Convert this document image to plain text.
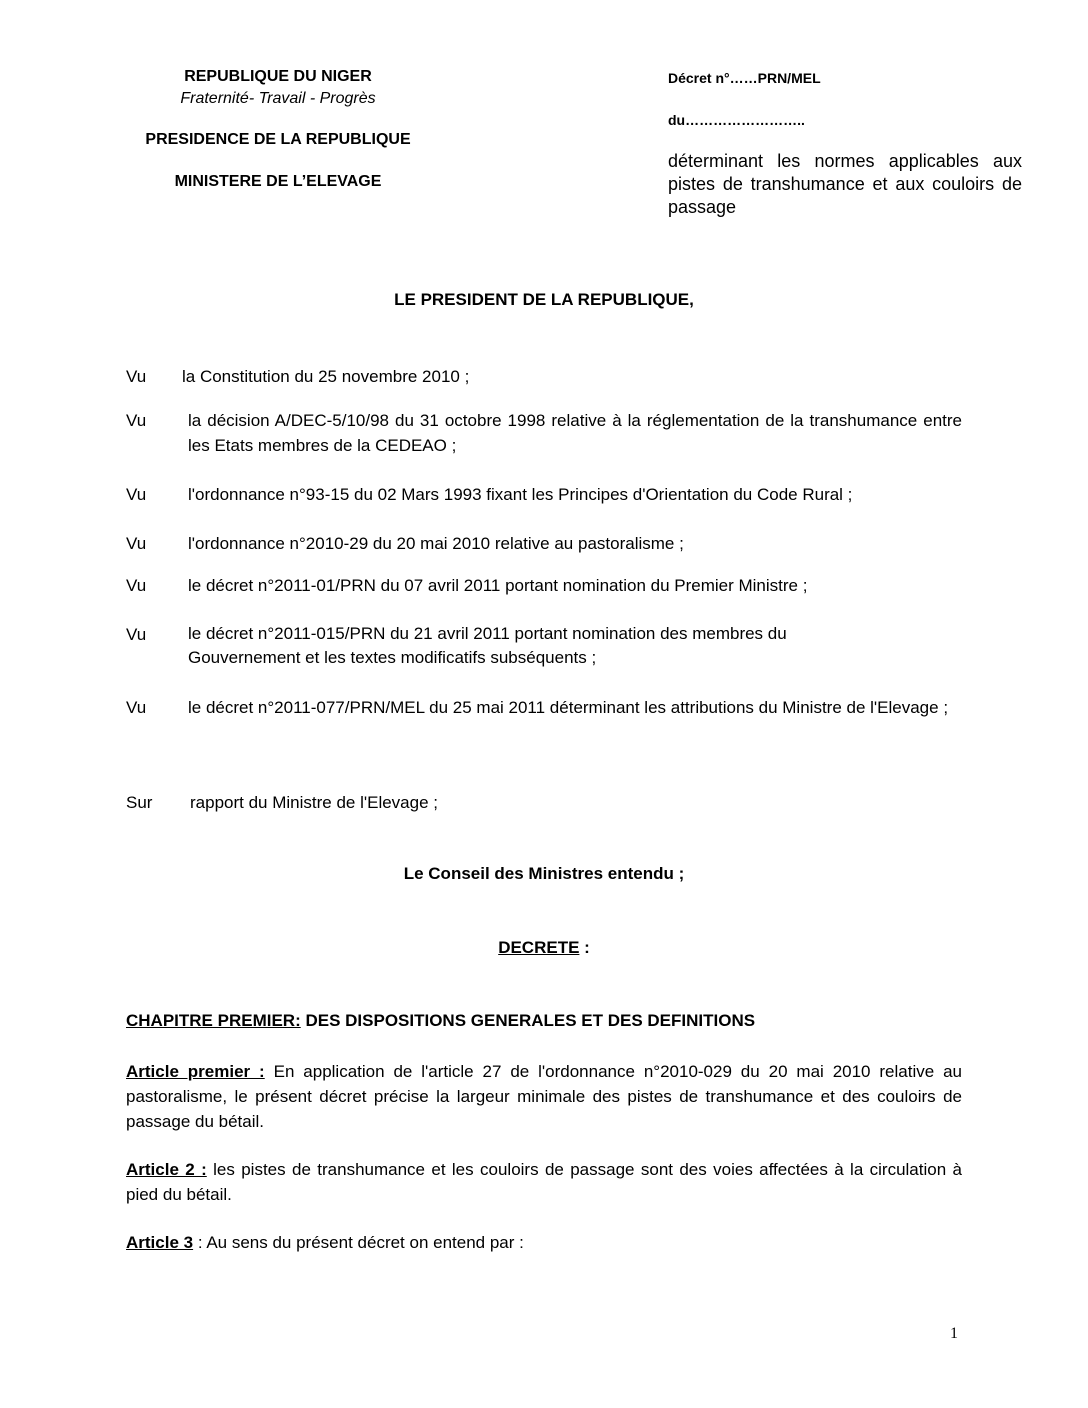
REPUBLIQUE DU NIGER
Fraternité- Travail - Progrès
PRESIDENCE DE LA REPUBLIQUE
MINISTERE DE L’ELEVAGE
Décret n°……PRN/MEL
du……………………..
déterminant les normes applicables aux pistes de transhumance et aux couloirs de passage
LE PRESIDENT DE LA REPUBLIQUE,
Vu	la Constitution du 25 novembre 2010 ;
Vu	la décision A/DEC-5/10/98 du 31 octobre 1998 relative à la réglementation de la transhumance entre les Etats membres de la CEDEAO ;
Vu	l'ordonnance n°93-15 du 02 Mars 1993 fixant les Principes d'Orientation du Code Rural ;
Vu	l'ordonnance n°2010-29 du 20 mai 2010 relative au pastoralisme ;
Vu	le décret n°2011-01/PRN du 07 avril 2011 portant nomination du Premier Ministre ;
Vu	le décret n°2011-015/PRN du 21 avril 2011 portant nomination des membres du Gouvernement et les textes modificatifs subséquents ;
Vu	le décret n°2011-077/PRN/MEL du 25 mai 2011 déterminant les attributions du Ministre de l'Elevage ;
Sur	rapport du Ministre de l'Elevage ;
Le Conseil des Ministres entendu ;
DECRETE :
CHAPITRE PREMIER: DES DISPOSITIONS GENERALES ET DES DEFINITIONS
Article premier : En application de l'article 27 de l'ordonnance n°2010-029 du 20 mai 2010 relative au pastoralisme, le présent décret précise la largeur minimale des pistes de transhumance et des couloirs de passage du bétail.
Article 2 : les pistes de transhumance et les couloirs de passage sont des voies affectées à la circulation à pied du bétail.
Article 3 : Au sens du présent décret on entend par :
1
